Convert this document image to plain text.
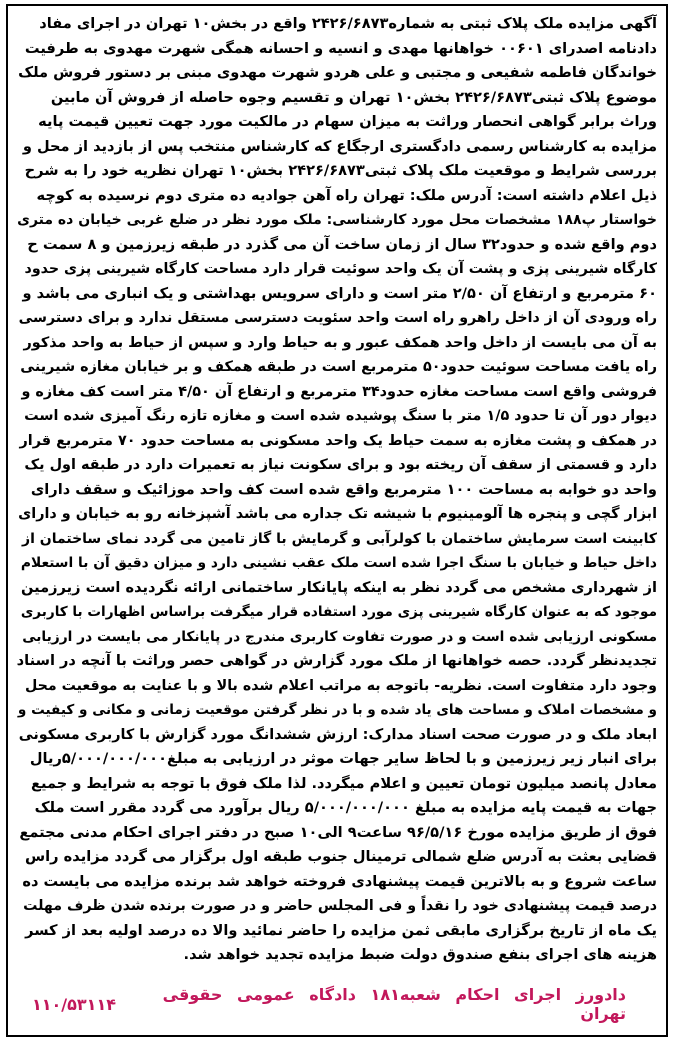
آگهی مزایده ملک پلاک ثبتی به شماره۲۴۲۶/۶۸۷۳ واقع در بخش۱۰ تهران در اجرای مفاد
دادنامه اصدرای ۰۰۶۰۱ خواهانها مهدی و انسیه و احسانه همگی شهرت مهدوی به طرفیت
خواندگان فاطمه شفیعی و مجتبی و علی هردو شهرت مهدوی مبنی بر دستور فروش ملک
موضوع پلاک ثبتی۲۴۲۶/۶۸۷۳ بخش۱۰ تهران و تقسیم وجوه حاصله از فروش آن مابین
وراث برابر گواهی انحصار وراثت به میزان سهام در مالکیت مورد جهت تعیین قیمت پایه
مزایده به کارشناس رسمی دادگستری ارجگاع که کارشناس منتخب پس از بازدید از محل و
بررسی شرایط و موقعیت ملک پلاک ثبتی۲۴۲۶/۶۸۷۳ بخش۱۰ تهران نظریه خود را به شرح
ذیل اعلام داشته است: آدرس ملک: تهران راه آهن جوادیه ده متری دوم نرسیده به کوچه
خواستار پ۱۸۸ مشخصات محل مورد کارشناسی: ملک مورد نظر در ضلع غربی خیابان ده متری
دوم واقع شده و حدود۳۲ سال از زمان ساخت آن می گذرد در طبقه زیرزمین و ۸ سمت ح
کارگاه شیرینی پزی و پشت آن یک واحد سوئیت قرار دارد مساحت کارگاه شیرینی پزی حدود
۶۰ مترمربع و ارتفاع آن ۲/۵۰ متر است و دارای سرویس بهداشتی و یک انباری می باشد و
راه ورودی آن از داخل راهرو راه است واحد سئویت دسترسی مستقل ندارد و برای دسترسی
به آن می بایست از داخل واحد همکف عبور و به حیاط وارد و سپس از حیاط به واحد مذکور
راه یافت مساحت سوئیت حدود۵۰ مترمربع است در طبقه همکف و بر خیابان مغازه شیرینی
فروشی واقع است مساحت مغازه حدود۳۴ مترمربع و ارتفاع آن ۴/۵۰ متر است کف مغازه و
دیوار دور آن تا حدود ۱/۵ متر با سنگ پوشیده شده است و مغازه تازه رنگ آمیزی شده است
در همکف و پشت مغازه به سمت حیاط یک واحد مسکونی به مساحت حدود ۷۰ مترمربع قرار
دارد و قسمتی از سقف آن ریخته بود و برای سکونت نیاز به تعمیرات دارد در طبقه اول یک
واحد دو خوابه به مساحت ۱۰۰ مترمربع واقع شده است کف واحد موزائیک و سقف دارای
ابزار گچی و پنجره ها آلومینیوم با شیشه تک جداره می باشد آشپزخانه رو به خیابان و دارای
کابینت است سرمایش ساختمان با کولرآبی و گرمایش با گاز تامین می گردد نمای ساختمان از
داخل حیاط و خیابان با سنگ اجرا شده است ملک عقب نشینی دارد و میزان دقیق آن با استعلام
از شهرداری مشخص می گردد نظر به اینکه پایانکار ساختمانی ارائه نگردیده است زیرزمین
موجود که به عنوان کارگاه شیرینی پزی مورد استفاده قرار میگرفت براساس اظهارات با کاربری
مسکونی ارزیابی شده است و در صورت تفاوت کاربری مندرج در پایانکار می بایست در ارزیابی
تجدیدنظر گردد. حصه خواهانها از ملک مورد گزارش در گواهی حصر وراثت با آنچه در اسناد
وجود دارد متفاوت است. نظریه- باتوجه به مراتب اعلام شده بالا و با عنایت به موقعیت محل
و مشخصات املاک و مساحت های یاد شده و با در نظر گرفتن موقعیت زمانی و مکانی و کیفیت و
ابعاد ملک و در صورت صحت اسناد مدارک: ارزش ششدانگ مورد گزارش با کاربری مسکونی
برای انبار زیر زیرزمین و با لحاظ سایر جهات موثر در ارزیابی به مبلغ۵/۰۰۰/۰۰۰/۰۰۰ریال
معادل پانصد میلیون تومان تعیین و اعلام میگردد. لذا ملک فوق با توجه به شرایط و جمیع
جهات به قیمت پایه مزایده به مبلغ ۵/۰۰۰/۰۰۰/۰۰۰ ریال برآورد می گردد مقرر است ملک
فوق از طریق مزایده مورخ ۹۶/۵/۱۶ ساعت۹ الی۱۰ صبح در دفتر اجرای احکام مدنی مجتمع
قضایی بعثت به آدرس ضلع شمالی ترمینال جنوب طبقه اول برگزار می گردد مزایده راس
ساعت شروع و به بالاترین قیمت پیشنهادی فروخته خواهد شد برنده مزایده می بایست ده
درصد قیمت پیشنهادی خود را نقداً و فی المجلس حاضر و در صورت برنده شدن ظرف مهلت
یک ماه از تاریخ برگزاری مابقی ثمن مزایده را حاضر نمائید والا ده درصد اولیه بعد از کسر
هزینه های اجرای بنفع صندوق دولت ضبط مزایده تجدید خواهد شد.
دادورز اجرای احکام شعبه۱۸۱ دادگاه عمومی حقوقی تهران
۱۱۰/۵۳۱۱۴
